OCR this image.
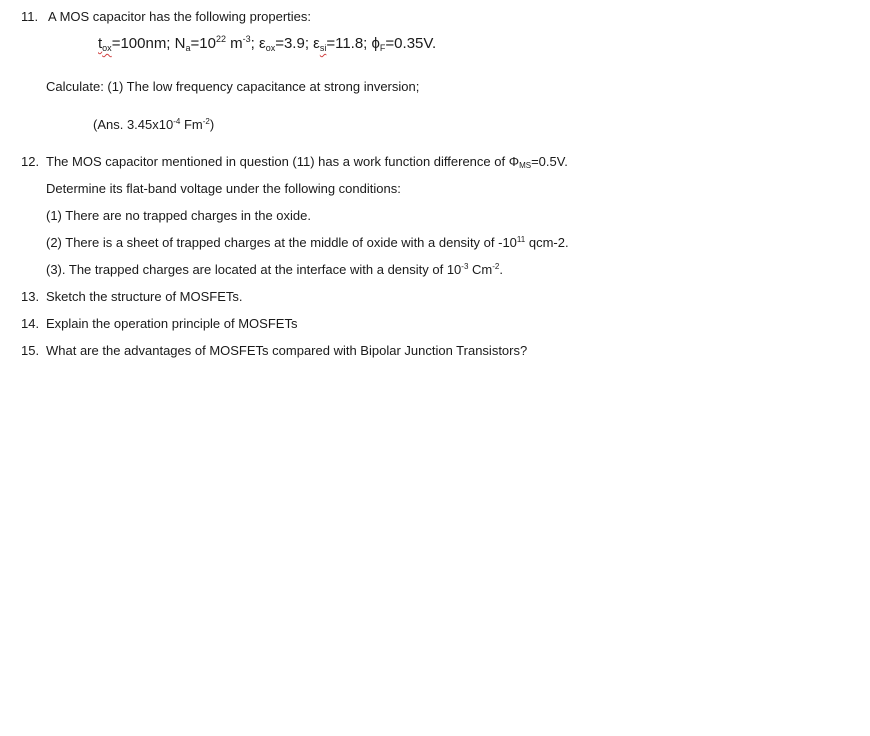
11. A MOS capacitor has the following properties:
$t_{ox}=100nm$; $N_a=10^{22}$ $m^{-3}$; $\varepsilon_{ox}=3.9$; $\varepsilon_{si}=11.8$; $\phi_F=0.35V$.
Calculate: (1) The low frequency capacitance at strong inversion;
(Ans. $3.45x10^{-4}$ $Fm^{-2}$)
12. The MOS capacitor mentioned in question (11) has a work function difference of $\Phi_{MS}=0.5V$.
Determine its flat-band voltage under the following conditions:
(1) There are no trapped charges in the oxide.
(2) There is a sheet of trapped charges at the middle of oxide with a density of $-10^{11}$ qcm-2.
(3). The trapped charges are located at the interface with a density of $10^{-3}$ $Cm^{-2}$.
13. Sketch the structure of MOSFETs.
14. Explain the operation principle of MOSFETs
15. What are the advantages of MOSFETs compared with Bipolar Junction Transistors?
